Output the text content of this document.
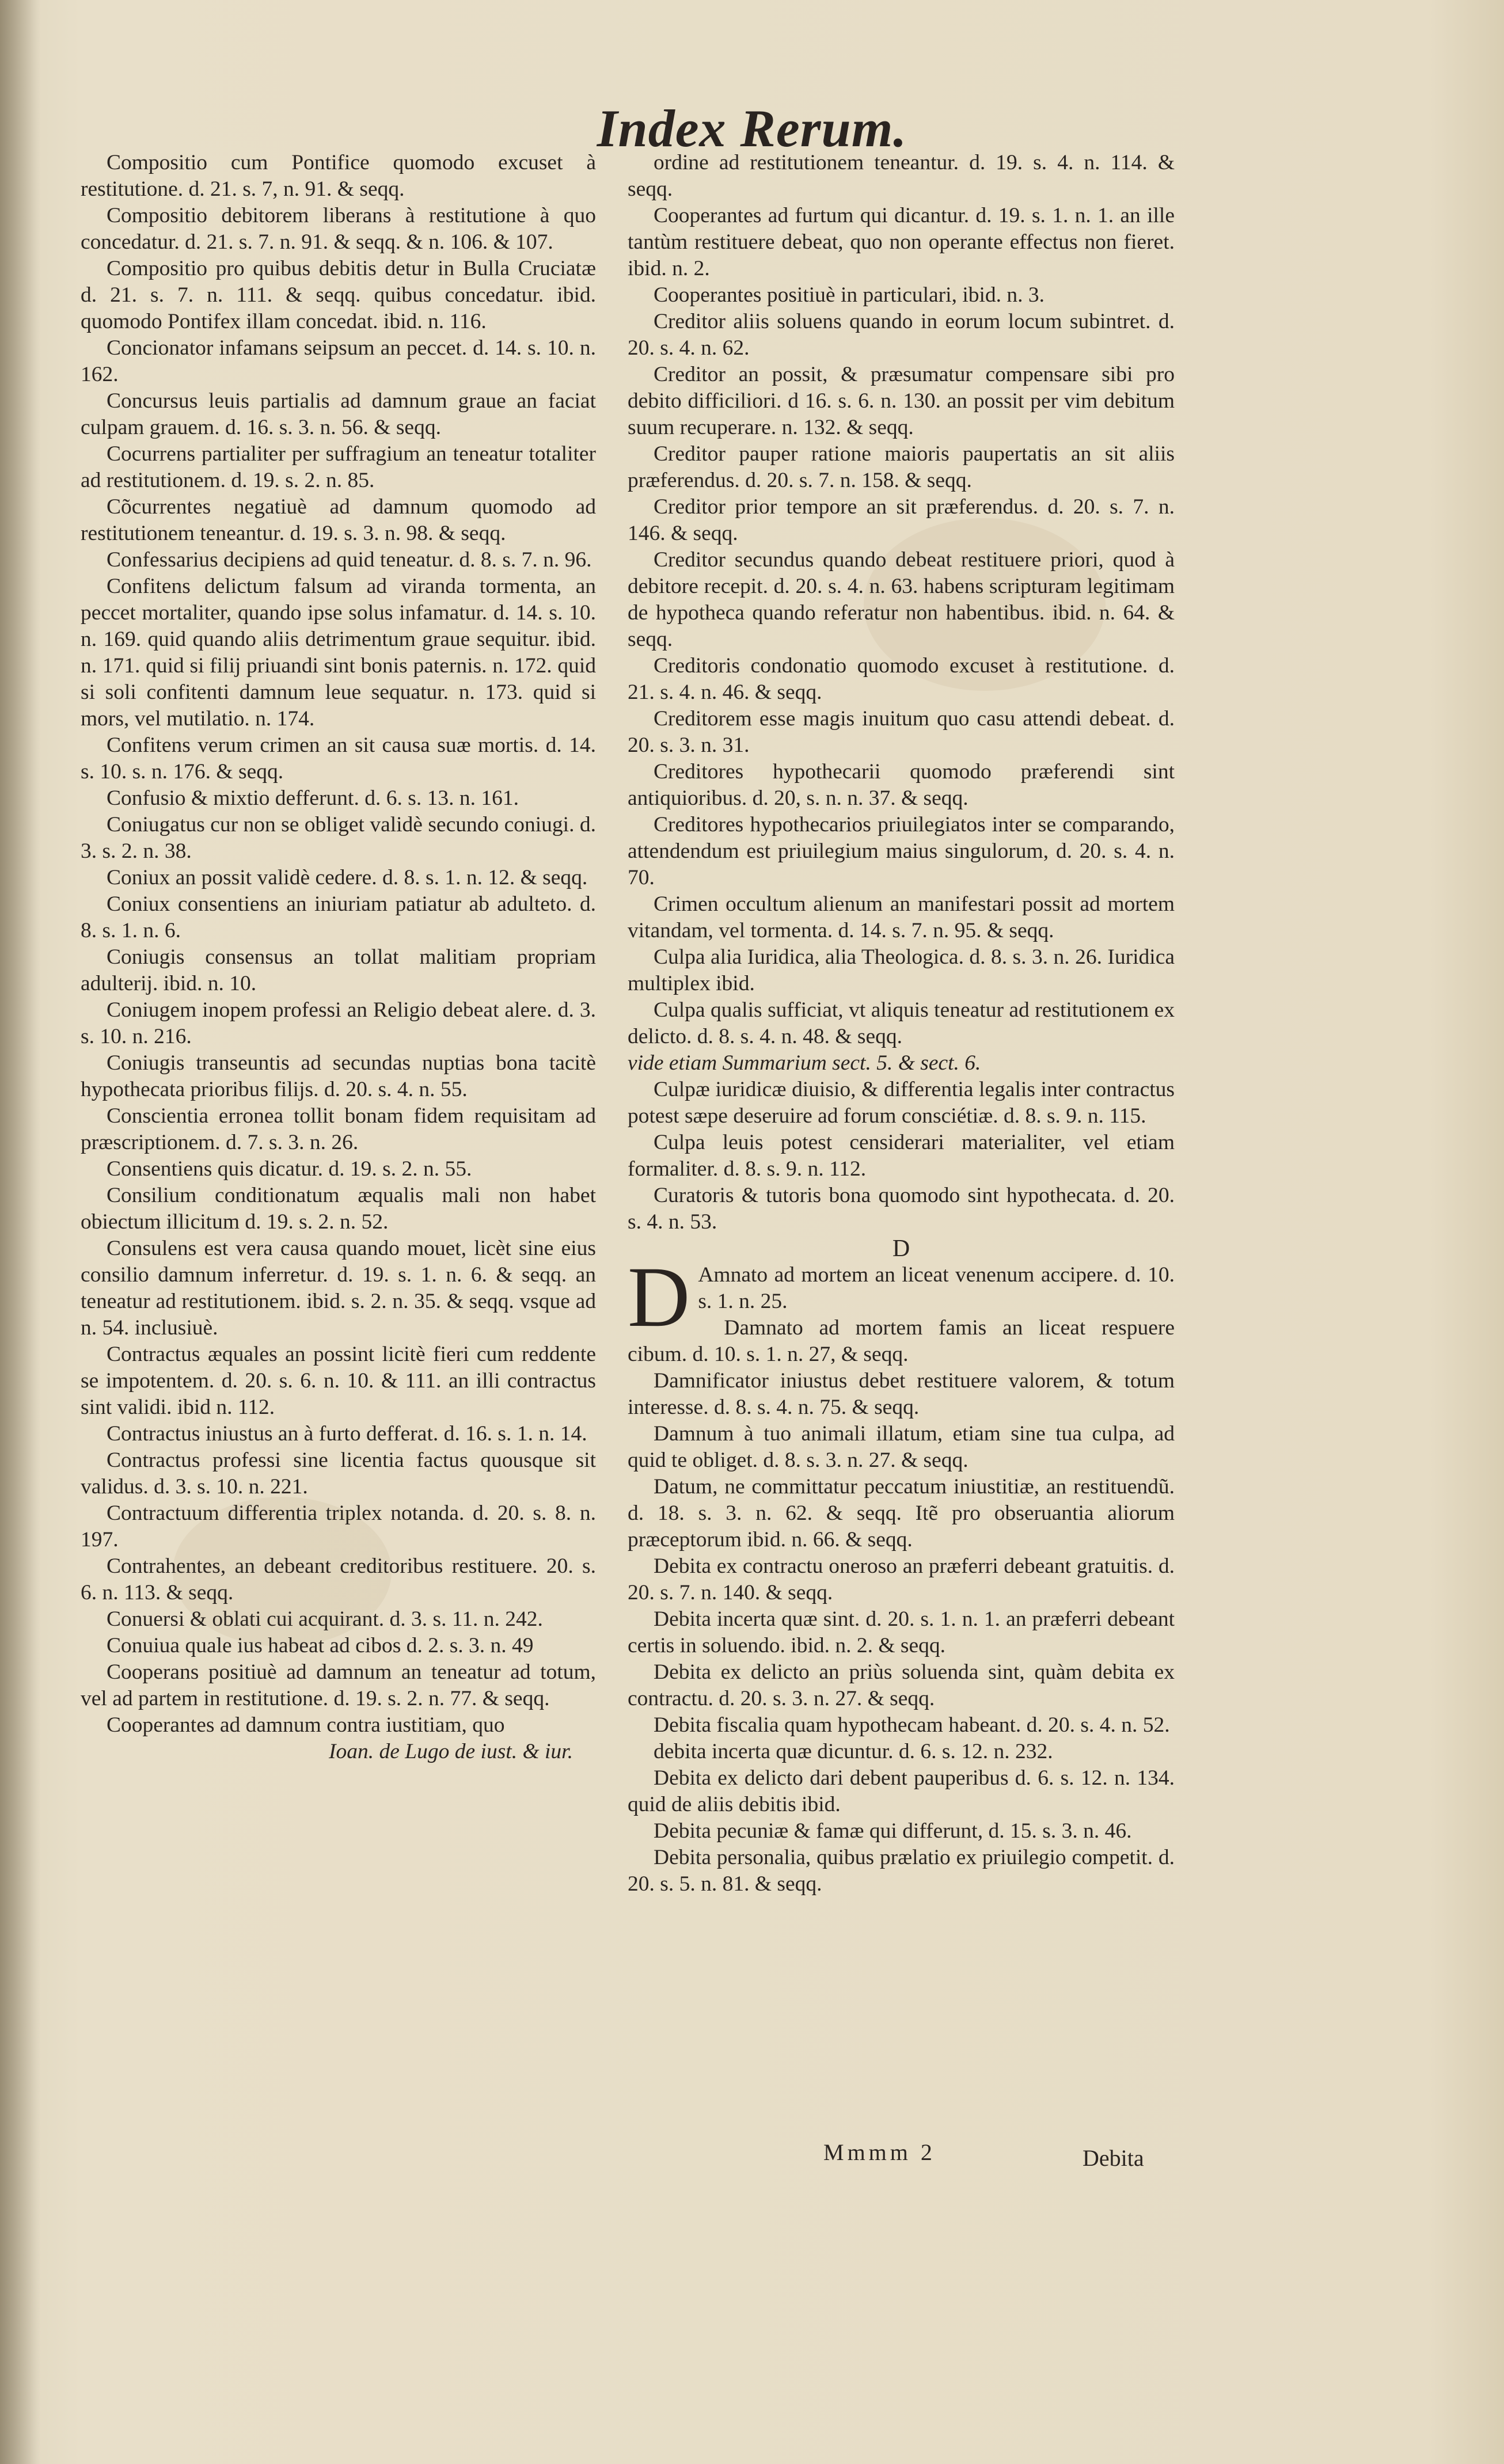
Index Rerum.

Compositio cum Pontifice quomodo excuset à restitutione. d. 21. s. 7, n. 91. & seqq.

Compositio debitorem liberans à restitutione à quo concedatur. d. 21. s. 7. n. 91. & seqq. & n. 106. & 107.

Compositio pro quibus debitis detur in Bulla Cruciatæ d. 21. s. 7. n. 111. & seqq. quibus concedatur. ibid. quomodo Pontifex illam concedat. ibid. n. 116.

Concionator infamans seipsum an peccet. d. 14. s. 10. n. 162.

Concursus leuis partialis ad damnum graue an faciat culpam grauem. d. 16. s. 3. n. 56. & seqq.

Cocurrens partialiter per suffragium an teneatur totaliter ad restitutionem. d. 19. s. 2. n. 85.

Cõcurrentes negatiuè ad damnum quomodo ad restitutionem teneantur. d. 19. s. 3. n. 98. & seqq.

Confessarius decipiens ad quid teneatur. d. 8. s. 7. n. 96.

Confitens delictum falsum ad viranda tormenta, an peccet mortaliter, quando ipse solus infamatur. d. 14. s. 10. n. 169. quid quando aliis detrimentum graue sequitur. ibid. n. 171. quid si filij priuandi sint bonis paternis. n. 172. quid si soli confitenti damnum leue sequatur. n. 173. quid si mors, vel mutilatio. n. 174.

Confitens verum crimen an sit causa suæ mortis. d. 14. s. 10. s. n. 176. & seqq.

Confusio & mixtio defferunt. d. 6. s. 13. n. 161.

Coniugatus cur non se obliget validè secundo coniugi. d. 3. s. 2. n. 38.

Coniux an possit validè cedere. d. 8. s. 1. n. 12. & seqq.

Coniux consentiens an iniuriam patiatur ab adulteto. d. 8. s. 1. n. 6.

Coniugis consensus an tollat malitiam propriam adulterij. ibid. n. 10.

Coniugem inopem professi an Religio debeat alere. d. 3. s. 10. n. 216.

Coniugis transeuntis ad secundas nuptias bona tacitè hypothecata prioribus filijs. d. 20. s. 4. n. 55.

Conscientia erronea tollit bonam fidem requisitam ad præscriptionem. d. 7. s. 3. n. 26.

Consentiens quis dicatur. d. 19. s. 2. n. 55.

Consilium conditionatum æqualis mali non habet obiectum illicitum d. 19. s. 2. n. 52.

Consulens est vera causa quando mouet, licèt sine eius consilio damnum inferretur. d. 19. s. 1. n. 6. & seqq. an teneatur ad restitutionem. ibid. s. 2. n. 35. & seqq. vsque ad n. 54. inclusiuè.

Contractus æquales an possint licitè fieri cum reddente se impotentem. d. 20. s. 6. n. 10. & 111. an illi contractus sint validi. ibid n. 112.

Contractus iniustus an à furto defferat. d. 16. s. 1. n. 14.

Contractus professi sine licentia factus quousque sit validus. d. 3. s. 10. n. 221.

Contractuum differentia triplex notanda. d. 20. s. 8. n. 197.

Contrahentes, an debeant creditoribus restituere. 20. s. 6. n. 113. & seqq.

Conuersi & oblati cui acquirant. d. 3. s. 11. n. 242.

Conuiua quale ius habeat ad cibos d. 2. s. 3. n. 49

Cooperans positiuè ad damnum an teneatur ad totum, vel ad partem in restitutione. d. 19. s. 2. n. 77. & seqq.

Cooperantes ad damnum contra iustitiam, quo

Ioan. de Lugo de iust. & iur.

ordine ad restitutionem teneantur. d. 19. s. 4. n. 114. & seqq.

Cooperantes ad furtum qui dicantur. d. 19. s. 1. n. 1. an ille tantùm restituere debeat, quo non operante effectus non fieret. ibid. n. 2.

Cooperantes positiuè in particulari, ibid. n. 3.

Creditor aliis soluens quando in eorum locum subintret. d. 20. s. 4. n. 62.

Creditor an possit, & præsumatur compensare sibi pro debito difficiliori. d 16. s. 6. n. 130. an possit per vim debitum suum recuperare. n. 132. & seqq.

Creditor pauper ratione maioris paupertatis an sit aliis præferendus. d. 20. s. 7. n. 158. & seqq.

Creditor prior tempore an sit præferendus. d. 20. s. 7. n. 146. & seqq.

Creditor secundus quando debeat restituere priori, quod à debitore recepit. d. 20. s. 4. n. 63. habens scripturam legitimam de hypotheca quando referatur non habentibus. ibid. n. 64. & seqq.

Creditoris condonatio quomodo excuset à restitutione. d. 21. s. 4. n. 46. & seqq.

Creditorem esse magis inuitum quo casu attendi debeat. d. 20. s. 3. n. 31.

Creditores hypothecarii quomodo præferendi sint antiquioribus. d. 20, s. n. n. 37. & seqq.

Creditores hypothecarios priuilegiatos inter se comparando, attendendum est priuilegium maius singulorum, d. 20. s. 4. n. 70.

Crimen occultum alienum an manifestari possit ad mortem vitandam, vel tormenta. d. 14. s. 7. n. 95. & seqq.

Culpa alia Iuridica, alia Theologica. d. 8. s. 3. n. 26. Iuridica multiplex ibid.

Culpa qualis sufficiat, vt aliquis teneatur ad restitutionem ex delicto. d. 8. s. 4. n. 48. & seqq.

vide etiam Summarium sect. 5. & sect. 6.

Culpæ iuridicæ diuisio, & differentia legalis inter contractus potest sæpe deseruire ad forum consciétiæ. d. 8. s. 9. n. 115.

Culpa leuis potest censiderari materialiter, vel etiam formaliter. d. 8. s. 9. n. 112.

Curatoris & tutoris bona quomodo sint hypothecata. d. 20. s. 4. n. 53.

D

D Amnato ad mortem an liceat venenum accipere. d. 10. s. 1. n. 25.

Damnato ad mortem famis an liceat respuere cibum. d. 10. s. 1. n. 27, & seqq.

Damnificator iniustus debet restituere valorem, & totum interesse. d. 8. s. 4. n. 75. & seqq.

Damnum à tuo animali illatum, etiam sine tua culpa, ad quid te obliget. d. 8. s. 3. n. 27. & seqq.

Datum, ne committatur peccatum iniustitiæ, an restituendũ. d. 18. s. 3. n. 62. & seqq. Itẽ pro obseruantia aliorum præceptorum ibid. n. 66. & seqq.

Debita ex contractu oneroso an præferri debeant gratuitis. d. 20. s. 7. n. 140. & seqq.

Debita incerta quæ sint. d. 20. s. 1. n. 1. an præferri debeant certis in soluendo. ibid. n. 2. & seqq.

Debita ex delicto an priùs soluenda sint, quàm debita ex contractu. d. 20. s. 3. n. 27. & seqq.

Debita fiscalia quam hypothecam habeant. d. 20. s. 4. n. 52.

debita incerta quæ dicuntur. d. 6. s. 12. n. 232.

Debita ex delicto dari debent pauperibus d. 6. s. 12. n. 134. quid de aliis debitis ibid.

Debita pecuniæ & famæ qui differunt, d. 15. s. 3. n. 46.

Debita personalia, quibus prælatio ex priuilegio competit. d. 20. s. 5. n. 81. & seqq.

Mmmm 2	Debita
